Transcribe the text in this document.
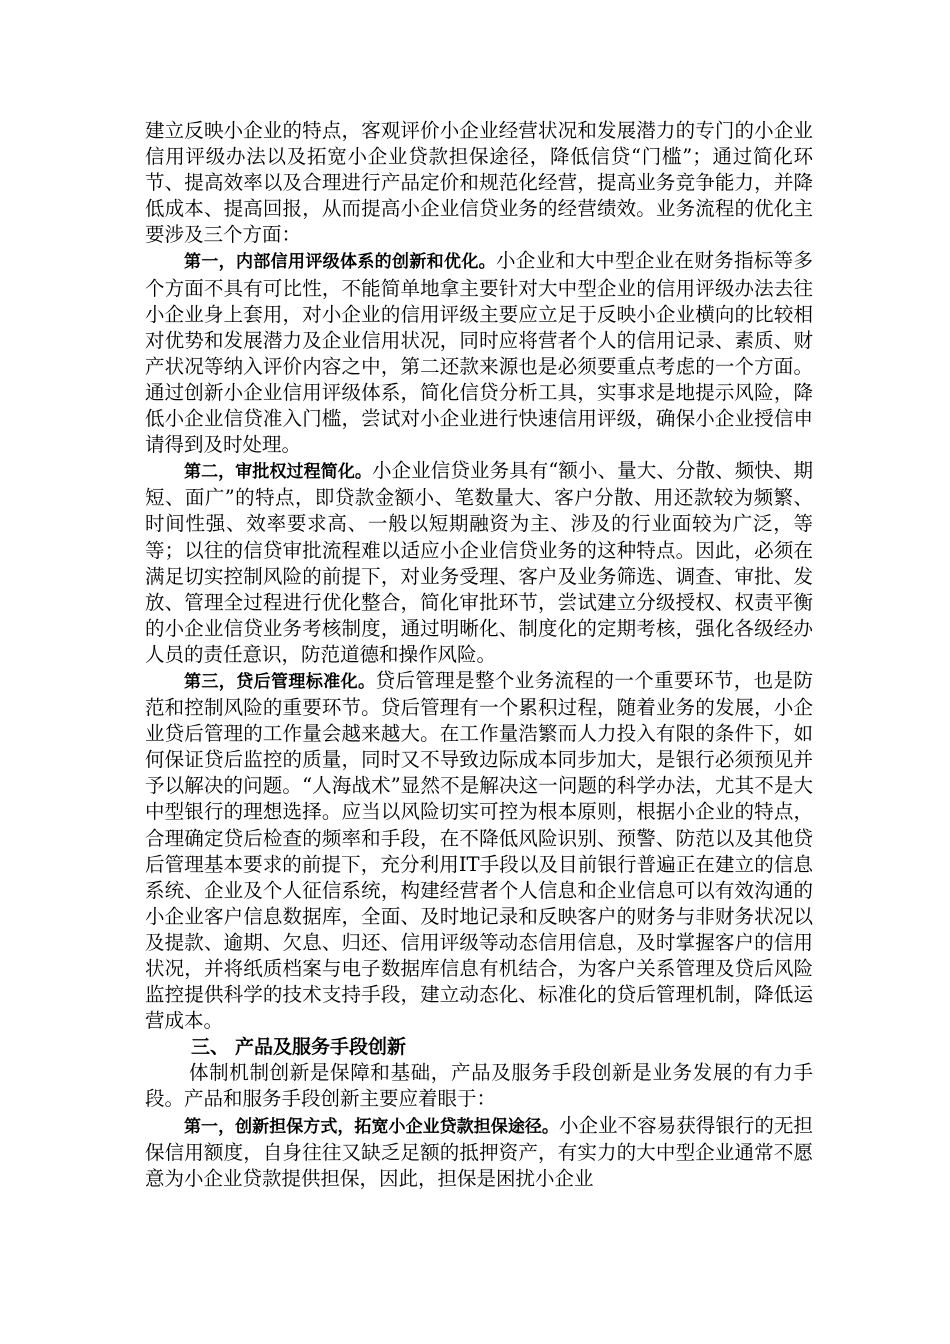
建立反映小企业的特点，客观评价小企业经营状况和发展潜力的专门的小企业信用评级办法以及拓宽小企业贷款担保途径，降低信贷“门槛”；通过简化环节、提高效率以及合理进行产品定价和规范化经营，提高业务竞争能力，并降低成本、提高回报，从而提高小企业信贷业务的经营绩效。业务流程的优化主要涉及三个方面：

第一，内部信用评级体系的创新和优化。小企业和大中型企业在财务指标等多个方面不具有可比性，不能简单地拿主要针对大中型企业的信用评级办法去往小企业身上套用，对小企业的信用评级主要应立足于反映小企业横向的比较相对优势和发展潜力及企业信用状况，同时应将营者个人的信用记录、素质、财产状况等纳入评价内容之中，第二还款来源也是必须要重点考虑的一个方面。通过创新小企业信用评级体系，简化信贷分析工具，实事求是地提示风险，降低小企业信贷准入门槛，尝试对小企业进行快速信用评级，确保小企业授信申请得到及时处理。

第二，审批权过程简化。小企业信贷业务具有“额小、量大、分散、频快、期短、面广”的特点，即贷款金额小、笔数量大、客户分散、用还款较为频繁、时间性强、效率要求高、一般以短期融资为主、涉及的行业面较为广泛，等等；以往的信贷审批流程难以适应小企业信贷业务的这种特点。因此，必须在满足切实控制风险的前提下，对业务受理、客户及业务筛选、调查、审批、发放、管理全过程进行优化整合，简化审批环节，尝试建立分级授权、权责平衡的小企业信贷业务考核制度，通过明晰化、制度化的定期考核，强化各级经办人员的责任意识，防范道德和操作风险。

第三，贷后管理标准化。贷后管理是整个业务流程的一个重要环节，也是防范和控制风险的重要环节。贷后管理有一个累积过程，随着业务的发展，小企业贷后管理的工作量会越来越大。在工作量浩繁而人力投入有限的条件下，如何保证贷后监控的质量，同时又不导致边际成本同步加大，是银行必须预见并予以解决的问题。“人海战术”显然不是解决这一问题的科学办法，尤其不是大中型银行的理想选择。应当以风险切实可控为根本原则，根据小企业的特点，合理确定贷后检查的频率和手段，在不降低风险识别、预警、防范以及其他贷后管理基本要求的前提下，充分利用IT手段以及目前银行普遍正在建立的信息系统、企业及个人征信系统，构建经营者个人信息和企业信息可以有效沟通的小企业客户信息数据库，全面、及时地记录和反映客户的财务与非财务状况以及提款、逾期、欠息、归还、信用评级等动态信用信息，及时掌握客户的信用状况，并将纸质档案与电子数据库信息有机结合，为客户关系管理及贷后风险监控提供科学的技术支持手段，建立动态化、标准化的贷后管理机制，降低运营成本。

三、 产品及服务手段创新

体制机制创新是保障和基础，产品及服务手段创新是业务发展的有力手段。产品和服务手段创新主要应着眼于：

第一，创新担保方式，拓宽小企业贷款担保途径。小企业不容易获得银行的无担保信用额度，自身往往又缺乏足额的抵押资产，有实力的大中型企业通常不愿意为小企业贷款提供担保，因此，担保是困扰小企业
